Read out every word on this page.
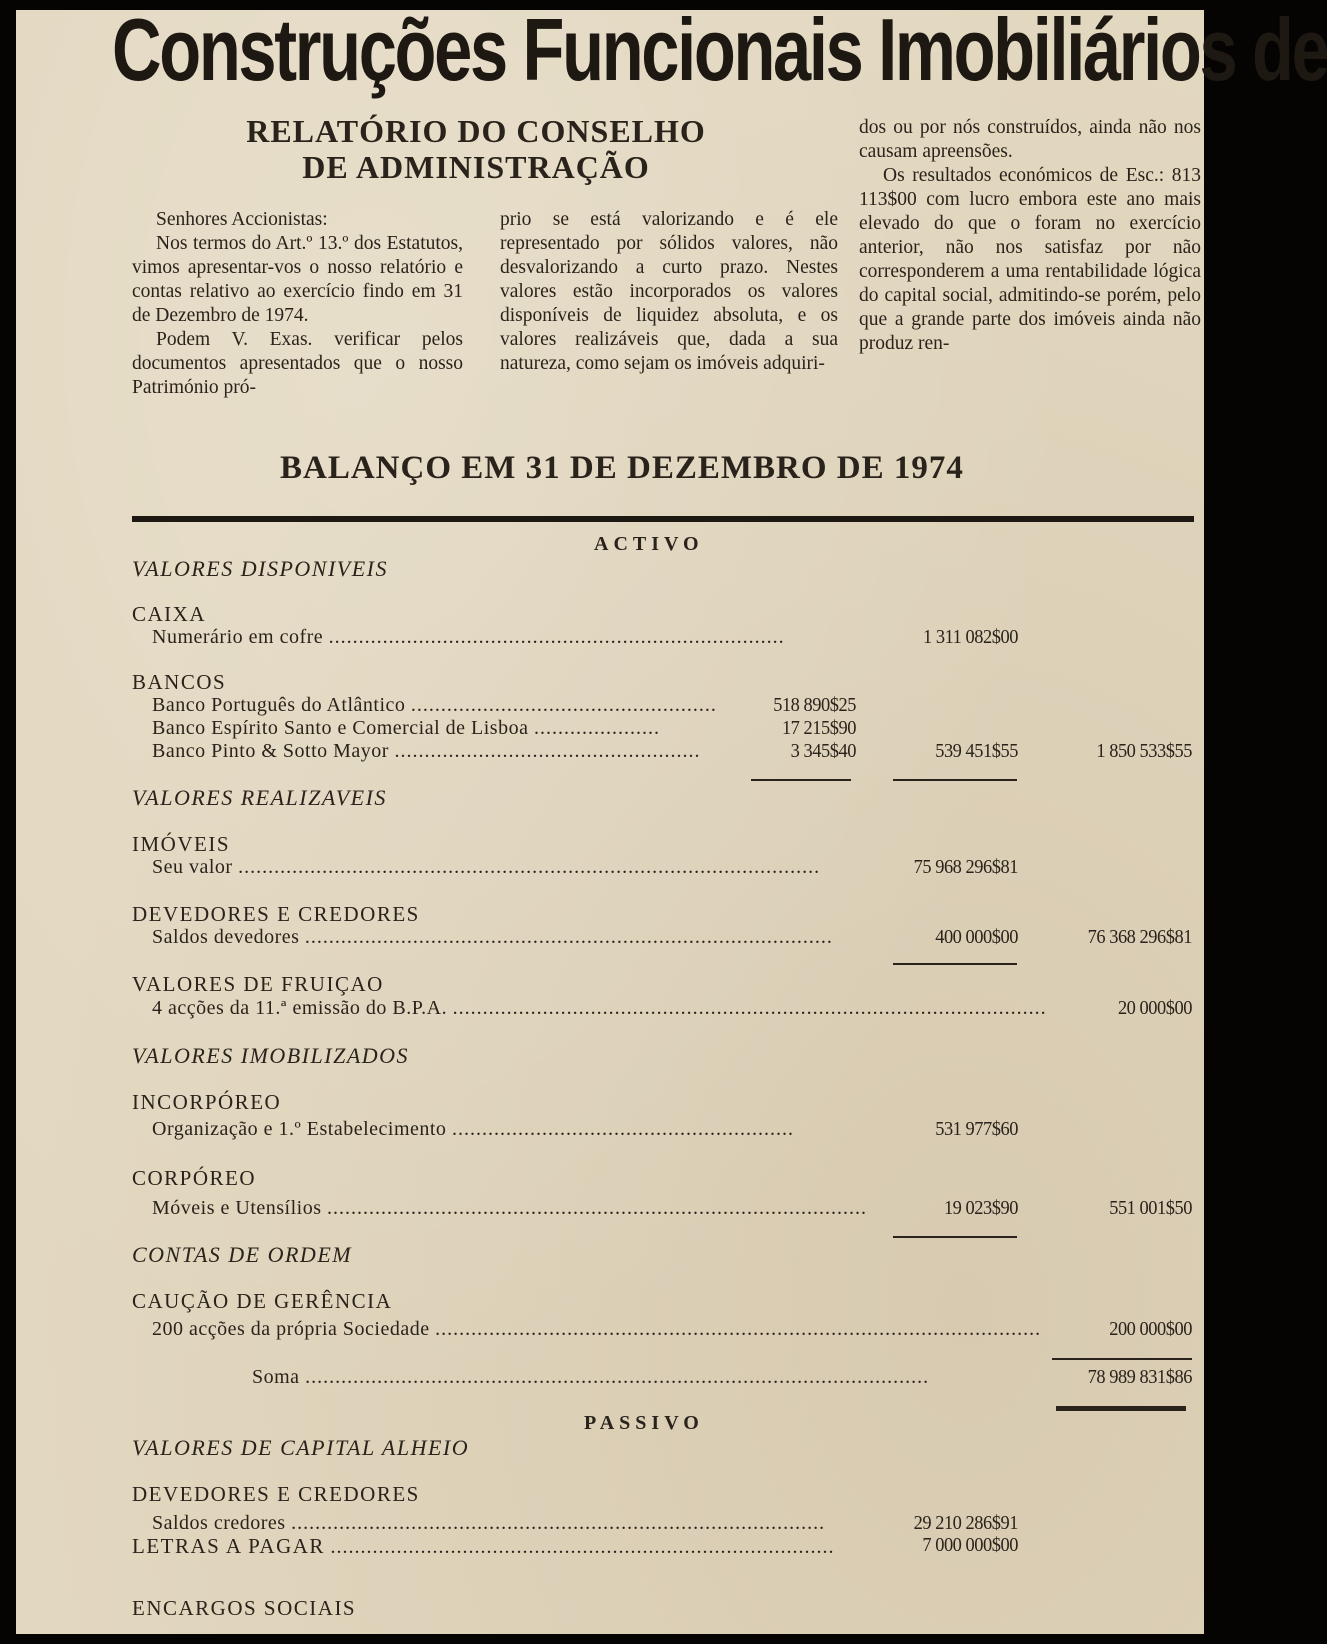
Construções Funcionais Imobiliários de
RELATÓRIO DO CONSELHO
DE ADMINISTRAÇÃO

Senhores Accionistas:

Nos termos do Art.º 13.º dos Estatutos, vimos apresentar-vos o nosso relatório e contas relativo ao exercício findo em 31 de Dezembro de 1974.

Podem V. Exas. verificar pelos documentos apresentados que o nosso Património pró-

prio se está valorizando e é ele representado por sólidos valores, não desvalorizando a curto prazo. Nestes valores estão incorporados os valores disponíveis de liquidez absoluta, e os valores realizáveis que, dada a sua natureza, como sejam os imóveis adquiri-

dos ou por nós construídos, ainda não nos causam apreensões.

Os resultados económicos de Esc.: 813 113$00 com lucro embora este ano mais elevado do que o foram no exercício anterior, não nos satisfaz por não corresponderem a uma rentabilidade lógica do capital social, admitindo-se porém, pelo que a grande parte dos imóveis ainda não produz ren-

BALANÇO EM 31 DE DEZEMBRO DE 1974
ACTIVO
VALORES DISPONIVEIS
CAIXA
Numerário em cofre ............................................................................	1 311 082$00
BANCOS
Banco Português do Atlântico ...................................................	518 890$25
Banco Espírito Santo e Comercial de Lisboa .....................	17 215$90
Banco Pinto & Sotto Mayor ...................................................	3 345$40	539 451$55	1 850 533$55
VALORES REALIZAVEIS
IMÓVEIS
Seu valor .................................................................................................	75 968 296$81
DEVEDORES E CREDORES
Saldos devedores ........................................................................................	400 000$00	76 368 296$81
VALORES DE FRUIÇAO
4 acções da 11.ª emissão do B.P.A. ...................................................................................................	20 000$00
VALORES IMOBILIZADOS
INCORPÓREO
Organização e 1.º Estabelecimento .........................................................	531 977$60
CORPÓREO
Móveis e Utensílios ..........................................................................................	19 023$90	551 001$50
CONTAS DE ORDEM
CAUÇÃO DE GERÊNCIA
200 acções da própria Sociedade .....................................................................................................	200 000$00
Soma ........................................................................................................	78 989 831$86
PASSIVO
VALORES DE CAPITAL ALHEIO
DEVEDORES E CREDORES
Saldos credores .........................................................................................	29 210 286$91
LETRAS A PAGAR ....................................................................................	7 000 000$00
ENCARGOS SOCIAIS
